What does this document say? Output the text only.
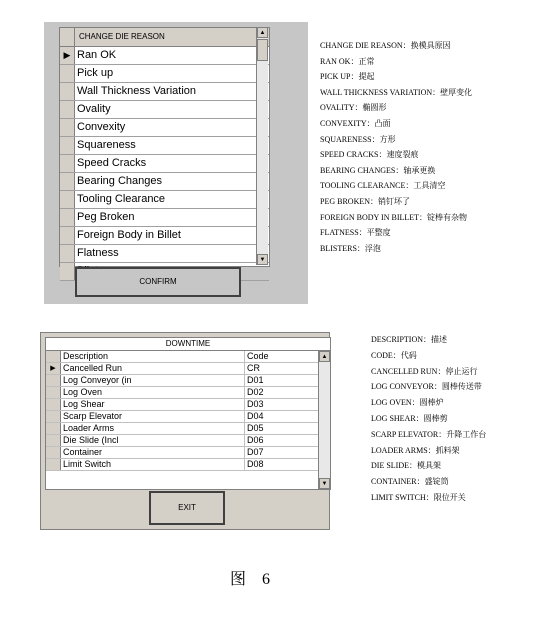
CHANGE DIE REASON
▶ Ran OK
Pick up
Wall Thickness Variation
Ovality
Convexity
Squareness
Speed Cracks
Bearing Changes
Tooling Clearance
Peg Broken
Foreign Body in Billet
Flatness
▲
▼
CONFIRM
CHANGE DIE REASON：换模具原因
RAN OK：正常
PICK UP：提起
WALL THICKNESS VARIATION：壁厚变化
OVALITY：椭圆形
CONVEXITY：凸面
SQUARENESS：方形
SPEED CRACKS：速度裂痕
BEARING CHANGES：轴承更换
TOOLING CLEARANCE：工具清空
PEG BROKEN：销钉坏了
FOREIGN BODY IN BILLET：锭棒有杂物
FLATNESS：平整度
BLISTERS：浮泡
DOWNTIME
Description	Code
▶ Cancelled Run	CR
Log Conveyor (in	D01
Log Oven	D02
Log Shear	D03
Scarp Elevator	D04
Loader Arms	D05
Die Slide (Incl	D06
Container	D07
Limit Switch	D08
▲
▼
EXIT
DESCRIPTION：描述
CODE：代码
CANCELLED RUN：停止运行
LOG CONVEYOR：圆棒传送带
LOG OVEN：圆棒炉
LOG SHEAR：圆棒剪
SCARP ELEVATOR：升降工作台
LOADER ARMS：抓料架
DIE SLIDE：模具架
CONTAINER：盛锭筒
LIMIT SWITCH：限位开关
图 6
